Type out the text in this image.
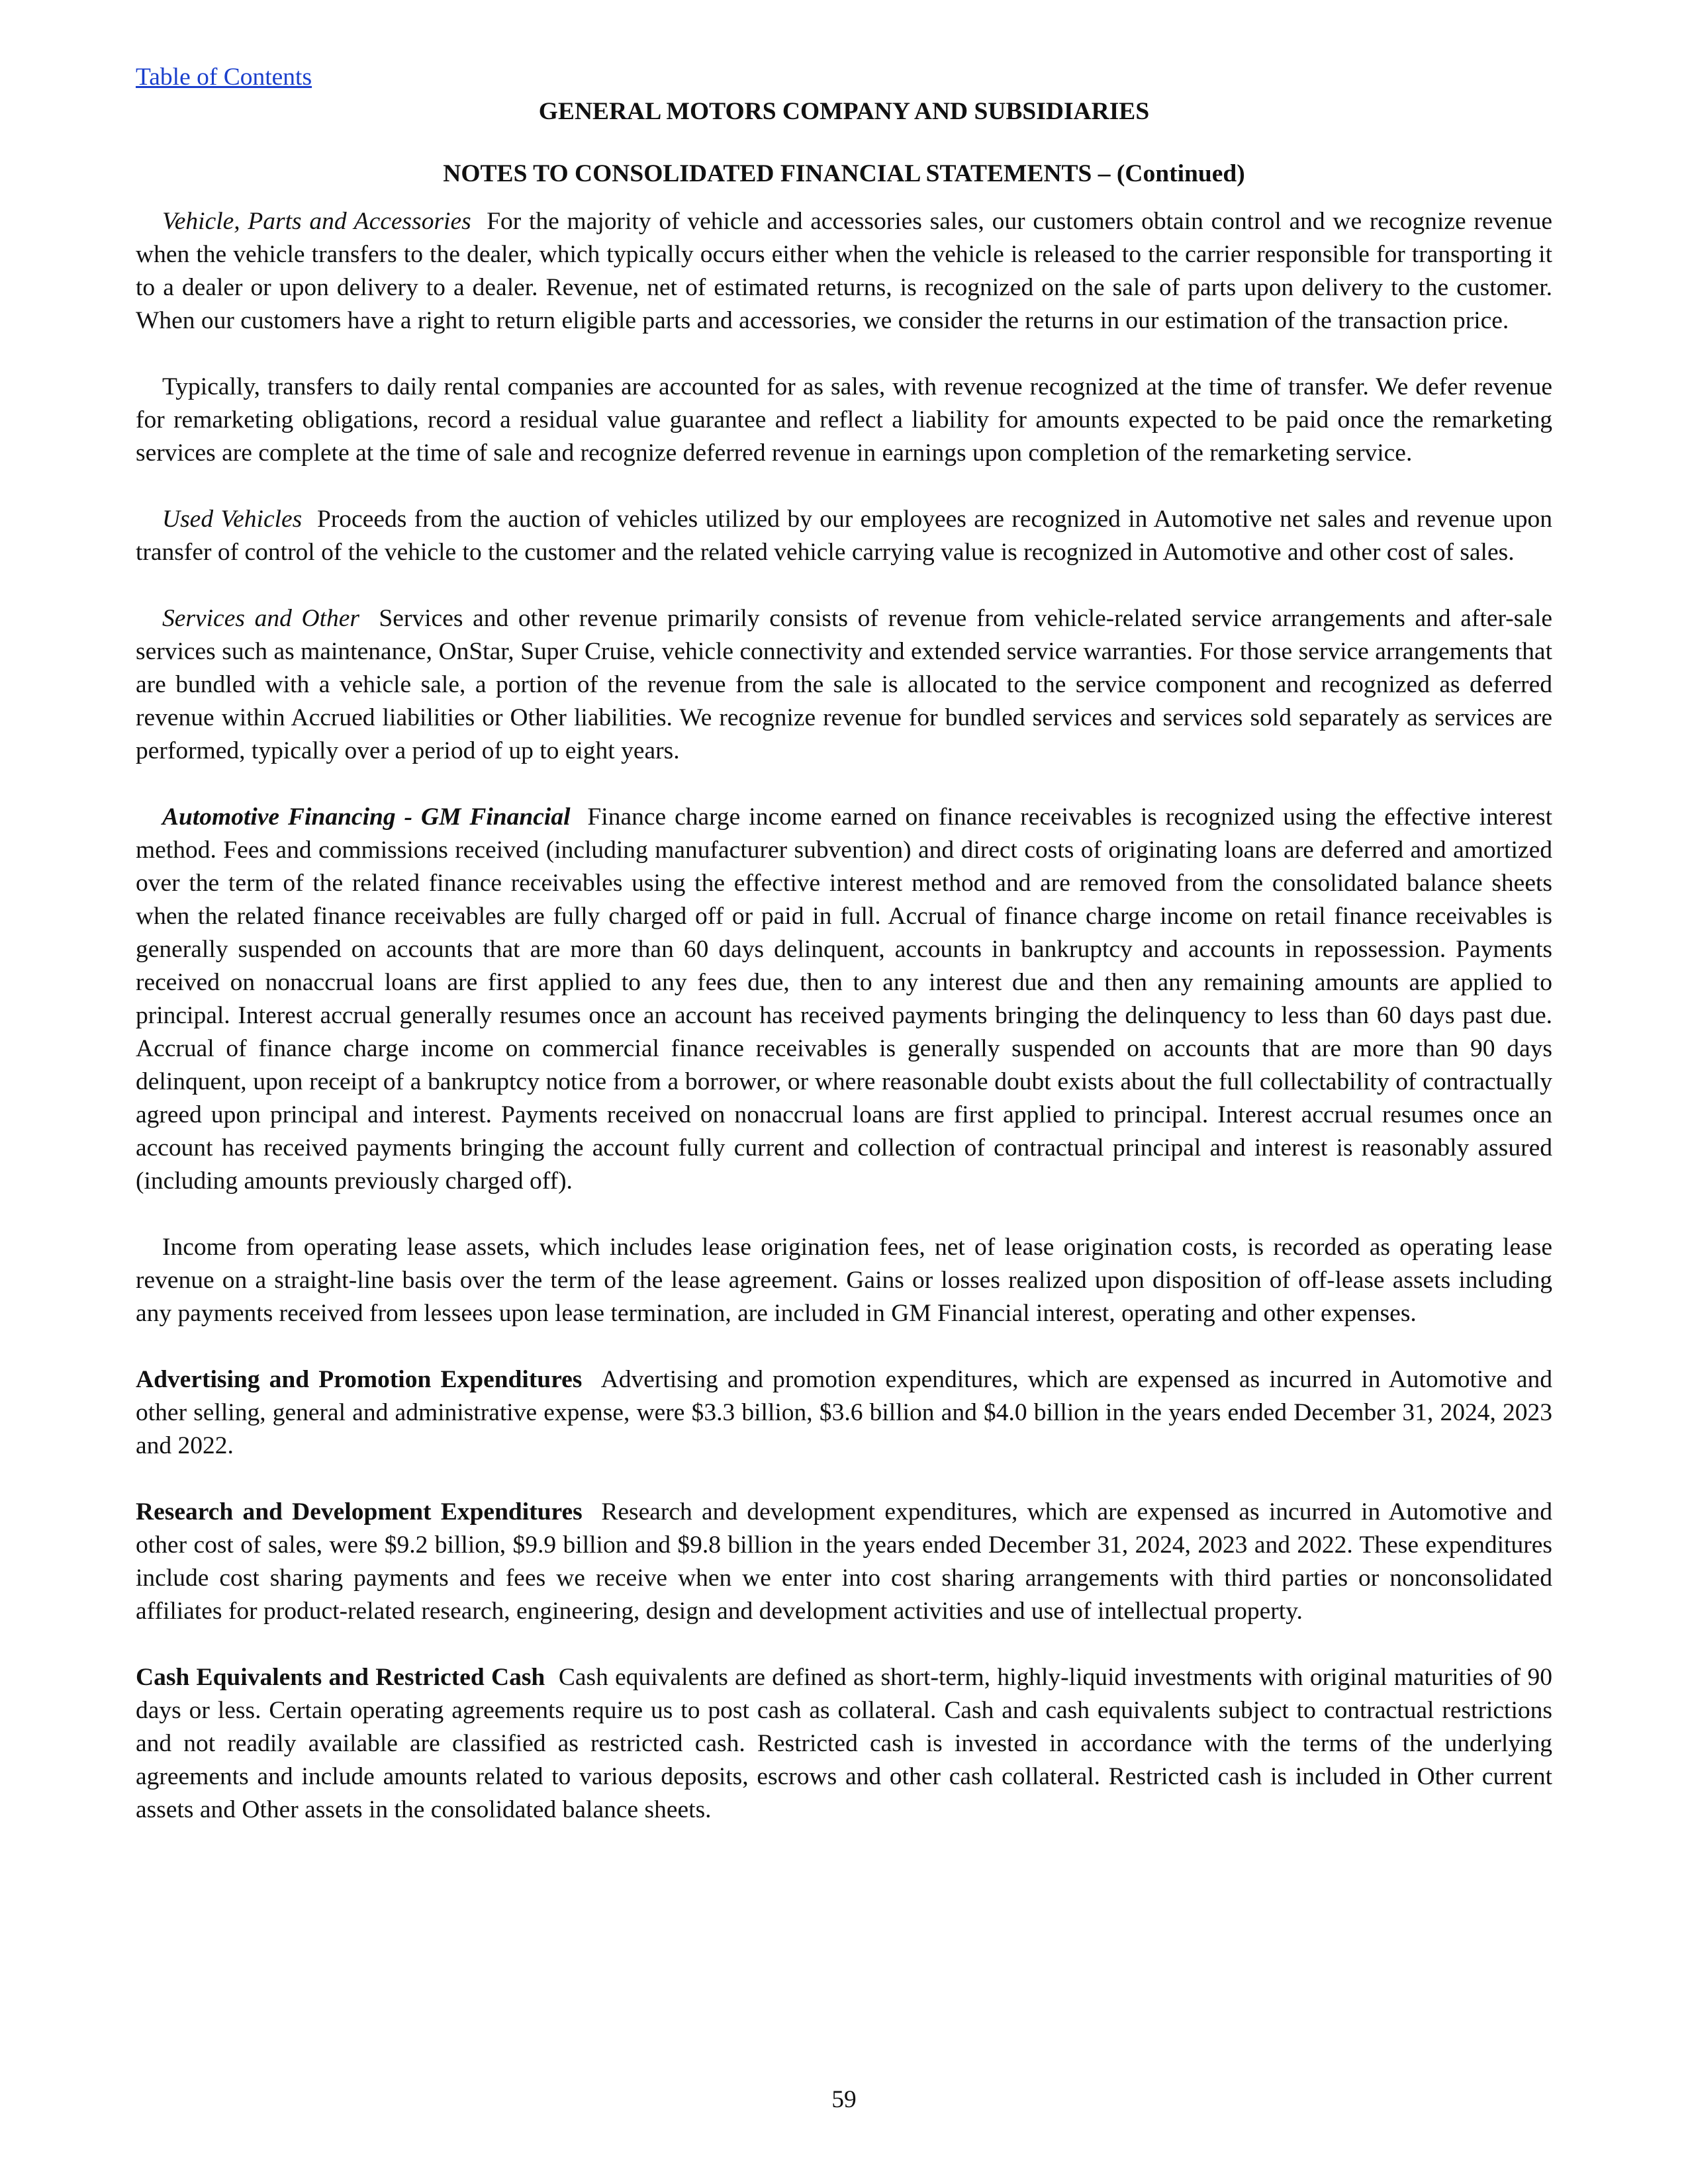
Table of Contents
GENERAL MOTORS COMPANY AND SUBSIDIARIES
NOTES TO CONSOLIDATED FINANCIAL STATEMENTS – (Continued)

Vehicle, Parts and Accessories For the majority of vehicle and accessories sales, our customers obtain control and we recognize revenue when the vehicle transfers to the dealer, which typically occurs either when the vehicle is released to the carrier responsible for transporting it to a dealer or upon delivery to a dealer. Revenue, net of estimated returns, is recognized on the sale of parts upon delivery to the customer. When our customers have a right to return eligible parts and accessories, we consider the returns in our estimation of the transaction price.

Typically, transfers to daily rental companies are accounted for as sales, with revenue recognized at the time of transfer. We defer revenue for remarketing obligations, record a residual value guarantee and reflect a liability for amounts expected to be paid once the remarketing services are complete at the time of sale and recognize deferred revenue in earnings upon completion of the remarketing service.

Used Vehicles Proceeds from the auction of vehicles utilized by our employees are recognized in Automotive net sales and revenue upon transfer of control of the vehicle to the customer and the related vehicle carrying value is recognized in Automotive and other cost of sales.

Services and Other Services and other revenue primarily consists of revenue from vehicle-related service arrangements and after-sale services such as maintenance, OnStar, Super Cruise, vehicle connectivity and extended service warranties. For those service arrangements that are bundled with a vehicle sale, a portion of the revenue from the sale is allocated to the service component and recognized as deferred revenue within Accrued liabilities or Other liabilities. We recognize revenue for bundled services and services sold separately as services are performed, typically over a period of up to eight years.

Automotive Financing - GM Financial Finance charge income earned on finance receivables is recognized using the effective interest method. Fees and commissions received (including manufacturer subvention) and direct costs of originating loans are deferred and amortized over the term of the related finance receivables using the effective interest method and are removed from the consolidated balance sheets when the related finance receivables are fully charged off or paid in full. Accrual of finance charge income on retail finance receivables is generally suspended on accounts that are more than 60 days delinquent, accounts in bankruptcy and accounts in repossession. Payments received on nonaccrual loans are first applied to any fees due, then to any interest due and then any remaining amounts are applied to principal. Interest accrual generally resumes once an account has received payments bringing the delinquency to less than 60 days past due. Accrual of finance charge income on commercial finance receivables is generally suspended on accounts that are more than 90 days delinquent, upon receipt of a bankruptcy notice from a borrower, or where reasonable doubt exists about the full collectability of contractually agreed upon principal and interest. Payments received on nonaccrual loans are first applied to principal. Interest accrual resumes once an account has received payments bringing the account fully current and collection of contractual principal and interest is reasonably assured (including amounts previously charged off).

Income from operating lease assets, which includes lease origination fees, net of lease origination costs, is recorded as operating lease revenue on a straight-line basis over the term of the lease agreement. Gains or losses realized upon disposition of off-lease assets including any payments received from lessees upon lease termination, are included in GM Financial interest, operating and other expenses.

Advertising and Promotion Expenditures Advertising and promotion expenditures, which are expensed as incurred in Automotive and other selling, general and administrative expense, were $3.3 billion, $3.6 billion and $4.0 billion in the years ended December 31, 2024, 2023 and 2022.

Research and Development Expenditures Research and development expenditures, which are expensed as incurred in Automotive and other cost of sales, were $9.2 billion, $9.9 billion and $9.8 billion in the years ended December 31, 2024, 2023 and 2022. These expenditures include cost sharing payments and fees we receive when we enter into cost sharing arrangements with third parties or nonconsolidated affiliates for product-related research, engineering, design and development activities and use of intellectual property.

Cash Equivalents and Restricted Cash Cash equivalents are defined as short-term, highly-liquid investments with original maturities of 90 days or less. Certain operating agreements require us to post cash as collateral. Cash and cash equivalents subject to contractual restrictions and not readily available are classified as restricted cash. Restricted cash is invested in accordance with the terms of the underlying agreements and include amounts related to various deposits, escrows and other cash collateral. Restricted cash is included in Other current assets and Other assets in the consolidated balance sheets.

59
